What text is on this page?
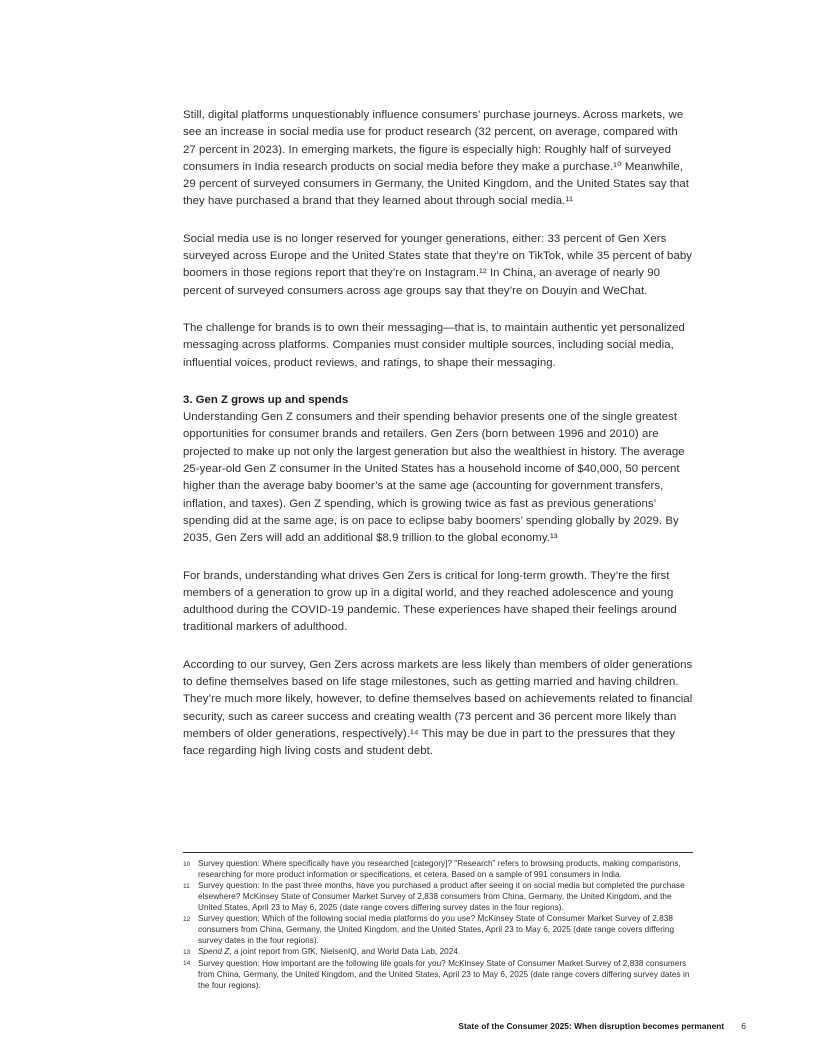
Still, digital platforms unquestionably influence consumers’ purchase journeys. Across markets, we see an increase in social media use for product research (32 percent, on average, compared with 27 percent in 2023). In emerging markets, the figure is especially high: Roughly half of surveyed consumers in India research products on social media before they make a purchase.¹⁰ Meanwhile, 29 percent of surveyed consumers in Germany, the United Kingdom, and the United States say that they have purchased a brand that they learned about through social media.¹¹

Social media use is no longer reserved for younger generations, either: 33 percent of Gen Xers surveyed across Europe and the United States state that they’re on TikTok, while 35 percent of baby boomers in those regions report that they’re on Instagram.¹² In China, an average of nearly 90 percent of surveyed consumers across age groups say that they’re on Douyin and WeChat.

The challenge for brands is to own their messaging—that is, to maintain authentic yet personalized messaging across platforms. Companies must consider multiple sources, including social media, influential voices, product reviews, and ratings, to shape their messaging.

3. Gen Z grows up and spends

Understanding Gen Z consumers and their spending behavior presents one of the single greatest opportunities for consumer brands and retailers. Gen Zers (born between 1996 and 2010) are projected to make up not only the largest generation but also the wealthiest in history. The average 25-year-old Gen Z consumer in the United States has a household income of $40,000, 50 percent higher than the average baby boomer’s at the same age (accounting for government transfers, inflation, and taxes). Gen Z spending, which is growing twice as fast as previous generations’ spending did at the same age, is on pace to eclipse baby boomers’ spending globally by 2029. By 2035, Gen Zers will add an additional $8.9 trillion to the global economy.¹³

For brands, understanding what drives Gen Zers is critical for long-term growth. They’re the first members of a generation to grow up in a digital world, and they reached adolescence and young adulthood during the COVID-19 pandemic. These experiences have shaped their feelings around traditional markers of adulthood.

According to our survey, Gen Zers across markets are less likely than members of older generations to define themselves based on life stage milestones, such as getting married and having children. They’re much more likely, however, to define themselves based on achievements related to financial security, such as career success and creating wealth (73 percent and 36 percent more likely than members of older generations, respectively).¹⁴ This may be due in part to the pressures that they face regarding high living costs and student debt.

10 Survey question: Where specifically have you researched [category]? “Research” refers to browsing products, making comparisons, researching for more product information or specifications, et cetera. Based on a sample of 991 consumers in India.
11 Survey question: In the past three months, have you purchased a product after seeing it on social media but completed the purchase elsewhere? McKinsey State of Consumer Market Survey of 2,838 consumers from China, Germany, the United Kingdom, and the United States, April 23 to May 6, 2025 (date range covers differing survey dates in the four regions).
12 Survey question: Which of the following social media platforms do you use? McKinsey State of Consumer Market Survey of 2,838 consumers from China, Germany, the United Kingdom, and the United States, April 23 to May 6, 2025 (date range covers differing survey dates in the four regions).
13 Spend Z, a joint report from GfK, NielsenIQ, and World Data Lab, 2024.
14 Survey question: How important are the following life goals for you? McKinsey State of Consumer Market Survey of 2,838 consumers from China, Germany, the United Kingdom, and the United States, April 23 to May 6, 2025 (date range covers differing survey dates in the four regions).
State of the Consumer 2025: When disruption becomes permanent 6
